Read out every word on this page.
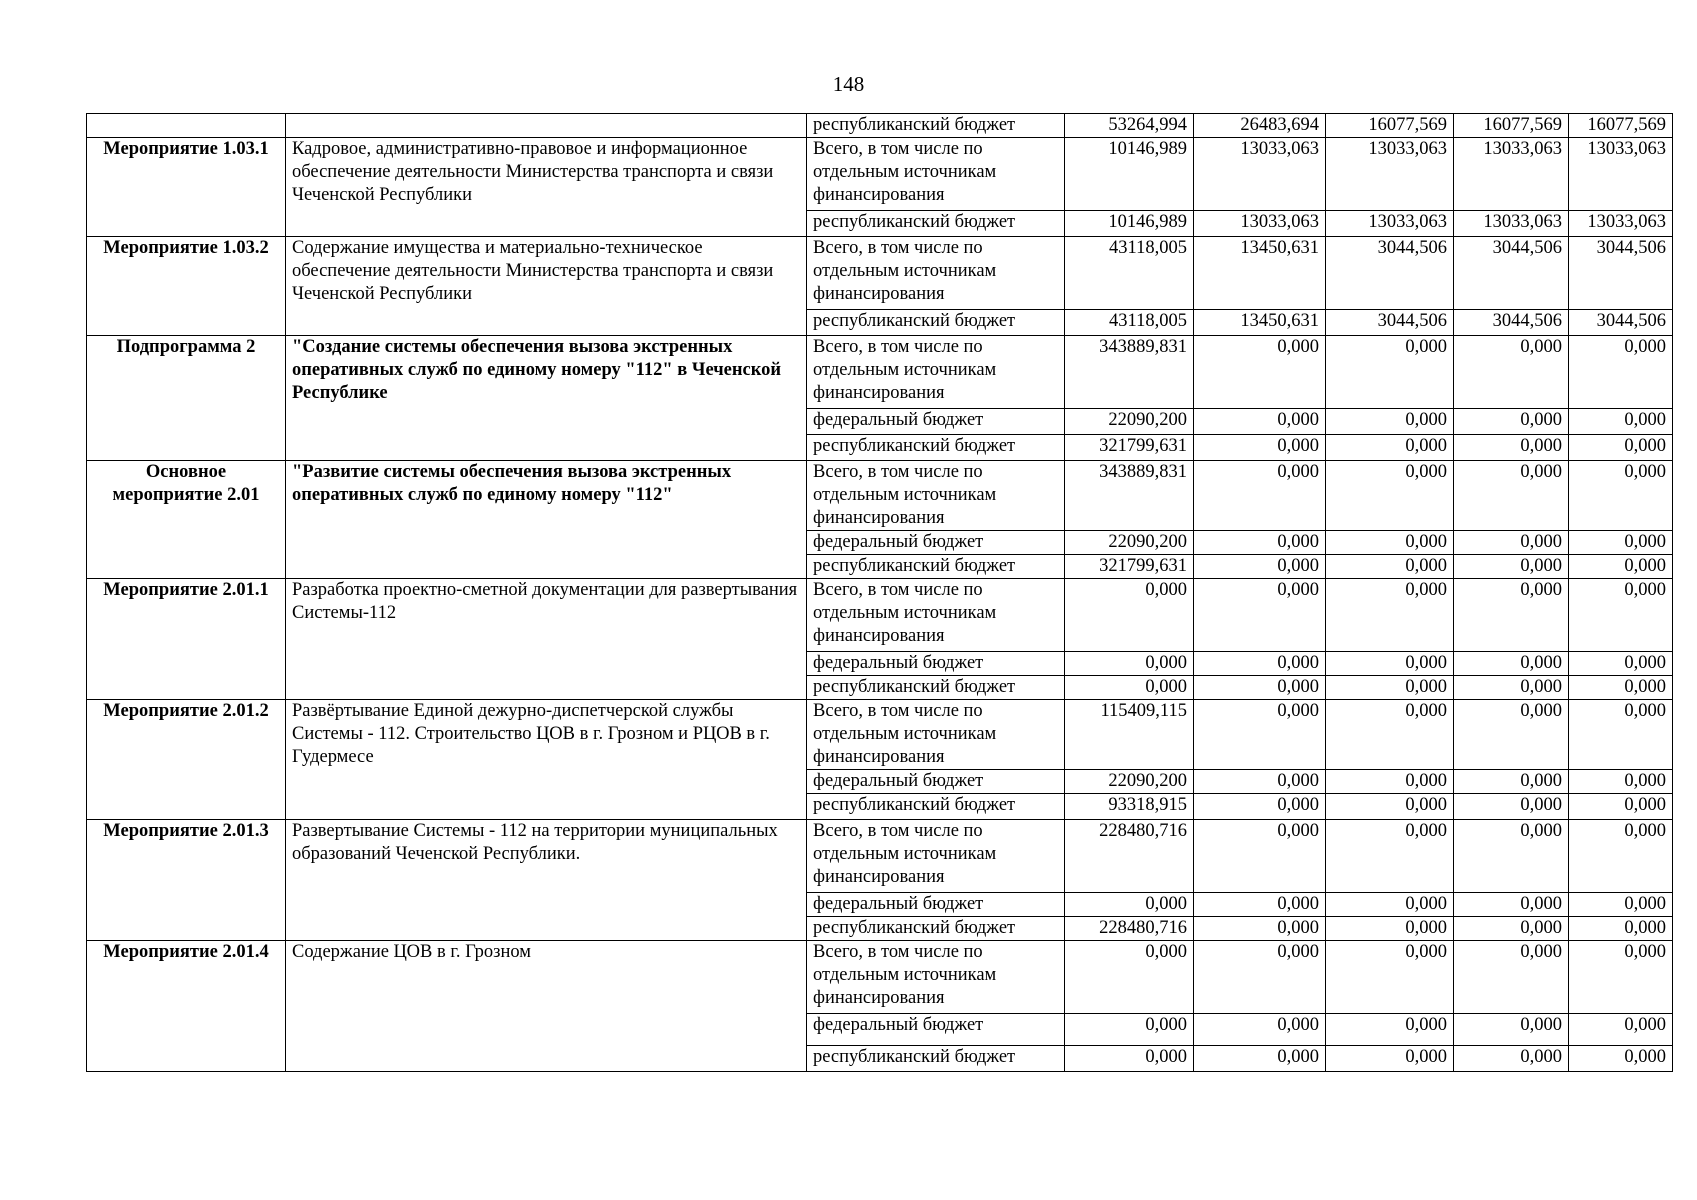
148
		республиканский бюджет	53264,994	26483,694	16077,569	16077,569	16077,569
Мероприятие 1.03.1	Кадровое, административно-правовое и информационное обеспечение деятельности Министерства транспорта и связи Чеченской Республики	Всего, в том числе по отдельным источникам финансирования	10146,989	13033,063	13033,063	13033,063	13033,063
		республиканский бюджет	10146,989	13033,063	13033,063	13033,063	13033,063
Мероприятие 1.03.2	Содержание имущества и материально-техническое обеспечение деятельности Министерства транспорта и связи Чеченской Республики	Всего, в том числе по отдельным источникам финансирования	43118,005	13450,631	3044,506	3044,506	3044,506
		республиканский бюджет	43118,005	13450,631	3044,506	3044,506	3044,506
Подпрограмма 2	"Создание системы обеспечения вызова экстренных оперативных служб по единому номеру "112" в Чеченской Республике	Всего, в том числе по отдельным источникам финансирования	343889,831	0,000	0,000	0,000	0,000
		федеральный бюджет	22090,200	0,000	0,000	0,000	0,000
		республиканский бюджет	321799,631	0,000	0,000	0,000	0,000
Основное мероприятие 2.01	"Развитие системы обеспечения вызова экстренных оперативных служб по единому номеру "112"	Всего, в том числе по отдельным источникам финансирования	343889,831	0,000	0,000	0,000	0,000
		федеральный бюджет	22090,200	0,000	0,000	0,000	0,000
		республиканский бюджет	321799,631	0,000	0,000	0,000	0,000
Мероприятие 2.01.1	Разработка проектно-сметной документации для развертывания Системы-112	Всего, в том числе по отдельным источникам финансирования	0,000	0,000	0,000	0,000	0,000
		федеральный бюджет	0,000	0,000	0,000	0,000	0,000
		республиканский бюджет	0,000	0,000	0,000	0,000	0,000
Мероприятие 2.01.2	Развёртывание Единой дежурно-диспетчерской службы Системы - 112. Строительство ЦОВ в г. Грозном и РЦОВ в г. Гудермесе	Всего, в том числе по отдельным источникам финансирования	115409,115	0,000	0,000	0,000	0,000
		федеральный бюджет	22090,200	0,000	0,000	0,000	0,000
		республиканский бюджет	93318,915	0,000	0,000	0,000	0,000
Мероприятие 2.01.3	Развертывание Системы - 112 на территории муниципальных образований Чеченской Республики.	Всего, в том числе по отдельным источникам финансирования	228480,716	0,000	0,000	0,000	0,000
		федеральный бюджет	0,000	0,000	0,000	0,000	0,000
		республиканский бюджет	228480,716	0,000	0,000	0,000	0,000
Мероприятие 2.01.4	Содержание ЦОВ в г. Грозном	Всего, в том числе по отдельным источникам финансирования	0,000	0,000	0,000	0,000	0,000
		федеральный бюджет	0,000	0,000	0,000	0,000	0,000
		республиканский бюджет	0,000	0,000	0,000	0,000	0,000
